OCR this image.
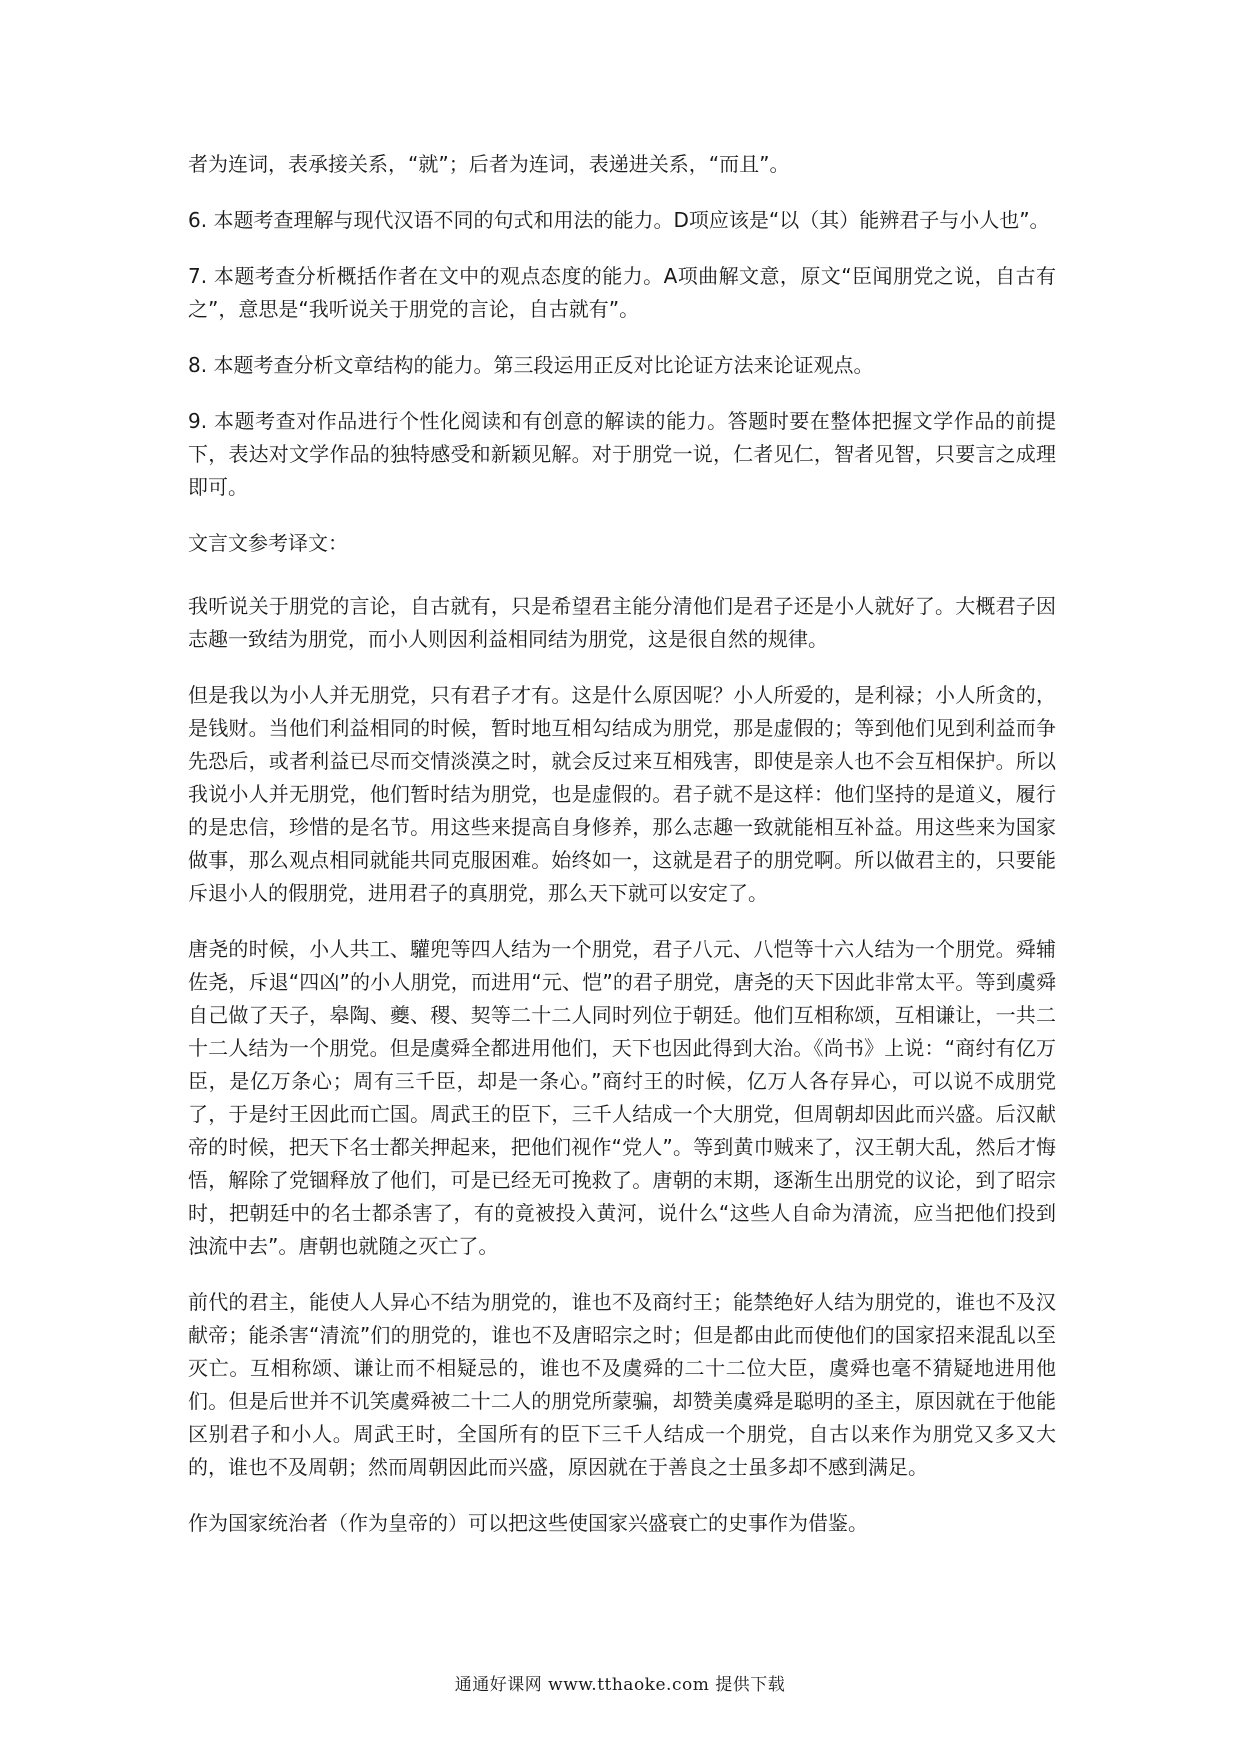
者为连词，表承接关系，“就”；后者为连词，表递进关系，“而且”。

6. 本题考查理解与现代汉语不同的句式和用法的能力。D项应该是“以（其）能辨君子与小人也”。

7. 本题考查分析概括作者在文中的观点态度的能力。A项曲解文意，原文“臣闻朋党之说，自古有之”，意思是“我听说关于朋党的言论，自古就有”。

8. 本题考查分析文章结构的能力。第三段运用正反对比论证方法来论证观点。

9. 本题考查对作品进行个性化阅读和有创意的解读的能力。答题时要在整体把握文学作品的前提下，表达对文学作品的独特感受和新颖见解。对于朋党一说，仁者见仁，智者见智，只要言之成理即可。

文言文参考译文：

我听说关于朋党的言论，自古就有，只是希望君主能分清他们是君子还是小人就好了。大概君子因志趣一致结为朋党，而小人则因利益相同结为朋党，这是很自然的规律。

但是我以为小人并无朋党，只有君子才有。这是什么原因呢？小人所爱的，是利禄；小人所贪的，是钱财。当他们利益相同的时候，暂时地互相勾结成为朋党，那是虚假的；等到他们见到利益而争先恐后，或者利益已尽而交情淡漠之时，就会反过来互相残害，即使是亲人也不会互相保护。所以我说小人并无朋党，他们暂时结为朋党，也是虚假的。君子就不是这样：他们坚持的是道义，履行的是忠信，珍惜的是名节。用这些来提高自身修养，那么志趣一致就能相互补益。用这些来为国家做事，那么观点相同就能共同克服困难。始终如一，这就是君子的朋党啊。所以做君主的，只要能斥退小人的假朋党，进用君子的真朋党，那么天下就可以安定了。

唐尧的时候，小人共工、驩兜等四人结为一个朋党，君子八元、八恺等十六人结为一个朋党。舜辅佐尧，斥退“四凶”的小人朋党，而进用“元、恺”的君子朋党，唐尧的天下因此非常太平。等到虞舜自己做了天子，皋陶、夔、稷、契等二十二人同时列位于朝廷。他们互相称颂，互相谦让，一共二十二人结为一个朋党。但是虞舜全都进用他们，天下也因此得到大治。《尚书》上说：“商纣有亿万臣，是亿万条心；周有三千臣，却是一条心。”商纣王的时候，亿万人各存异心，可以说不成朋党了，于是纣王因此而亡国。周武王的臣下，三千人结成一个大朋党，但周朝却因此而兴盛。后汉献帝的时候，把天下名士都关押起来，把他们视作“党人”。等到黄巾贼来了，汉王朝大乱，然后才悔悟，解除了党锢释放了他们，可是已经无可挽救了。唐朝的末期，逐渐生出朋党的议论，到了昭宗时，把朝廷中的名士都杀害了，有的竟被投入黄河，说什么“这些人自命为清流，应当把他们投到浊流中去”。唐朝也就随之灭亡了。

前代的君主，能使人人异心不结为朋党的，谁也不及商纣王；能禁绝好人结为朋党的，谁也不及汉献帝；能杀害“清流”们的朋党的，谁也不及唐昭宗之时；但是都由此而使他们的国家招来混乱以至灭亡。互相称颂、谦让而不相疑忌的，谁也不及虞舜的二十二位大臣，虞舜也毫不猜疑地进用他们。但是后世并不讥笑虞舜被二十二人的朋党所蒙骗，却赞美虞舜是聪明的圣主，原因就在于他能区别君子和小人。周武王时，全国所有的臣下三千人结成一个朋党，自古以来作为朋党又多又大的，谁也不及周朝；然而周朝因此而兴盛，原因就在于善良之士虽多却不感到满足。

作为国家统治者（作为皇帝的）可以把这些使国家兴盛衰亡的史事作为借鉴。

通通好课网 www.tthaoke.com 提供下载
